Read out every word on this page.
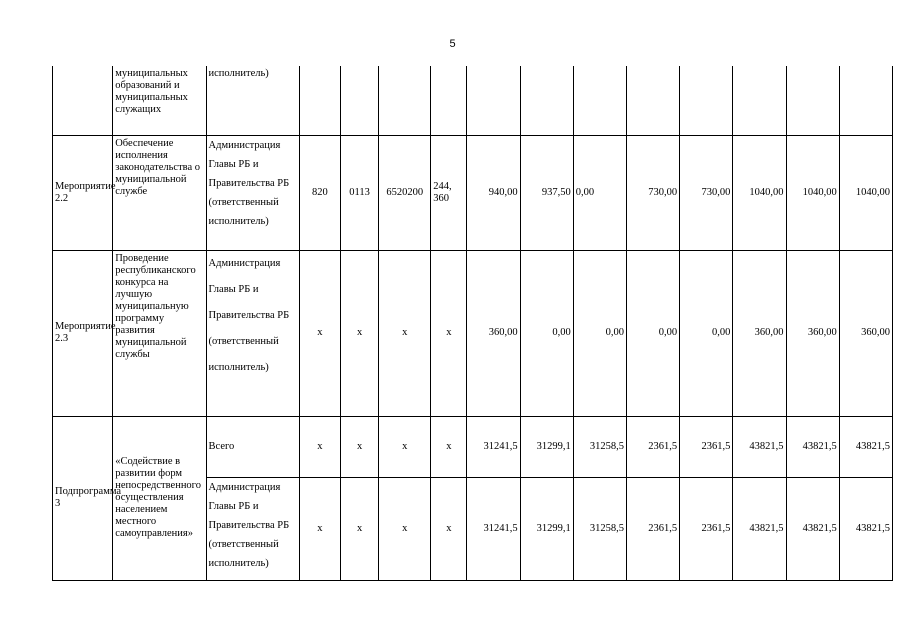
5
	муниципальных образований и муниципальных служащих	исполнитель)												
Мероприятие 2.2	Обеспечение исполнения законодательства о муниципальной службе	Администрация Главы РБ и Правительства РБ (ответственный исполнитель)	820	0113	6520200	244, 360	940,00	937,50	0,00	730,00	730,00	1040,00	1040,00	1040,00
Мероприятие 2.3	Проведение республиканского конкурса на лучшую муниципальную программу развития муниципальной службы	Администрация Главы РБ и Правительства РБ (ответственный исполнитель)	х	х	х	х	360,00	0,00	0,00	0,00	0,00	360,00	360,00	360,00
Подпрограмма 3	«Содействие в развитии форм непосредственного осуществления населением местного самоуправления»	Всего	х	х	х	х	31241,5	31299,1	31258,5	2361,5	2361,5	43821,5	43821,5	43821,5
		Администрация Главы РБ и Правительства РБ (ответственный исполнитель)	х	х	х	х	31241,5	31299,1	31258,5	2361,5	2361,5	43821,5	43821,5	43821,5
